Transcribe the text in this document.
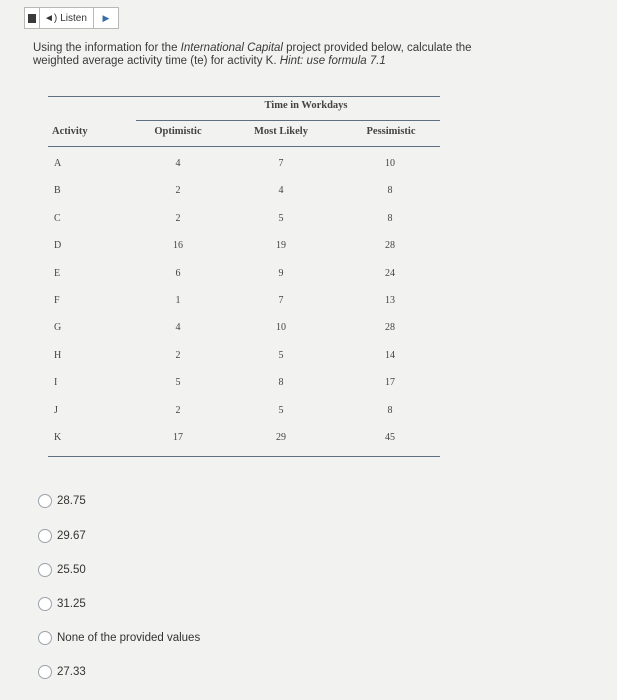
◄) Listen	▶
Using the information for the International Capital project provided below, calculate the weighted average activity time (te) for activity K. Hint: use formula 7.1
Time in Workdays
Activity	Optimistic	Most Likely	Pessimistic
A	4	7	10
B	2	4	8
C	2	5	8
D	16	19	28
E	6	9	24
F	1	7	13
G	4	10	28
H	2	5	14
I	5	8	17
J	2	5	8
K	17	29	45
28.75
29.67
25.50
31.25
None of the provided values
27.33
